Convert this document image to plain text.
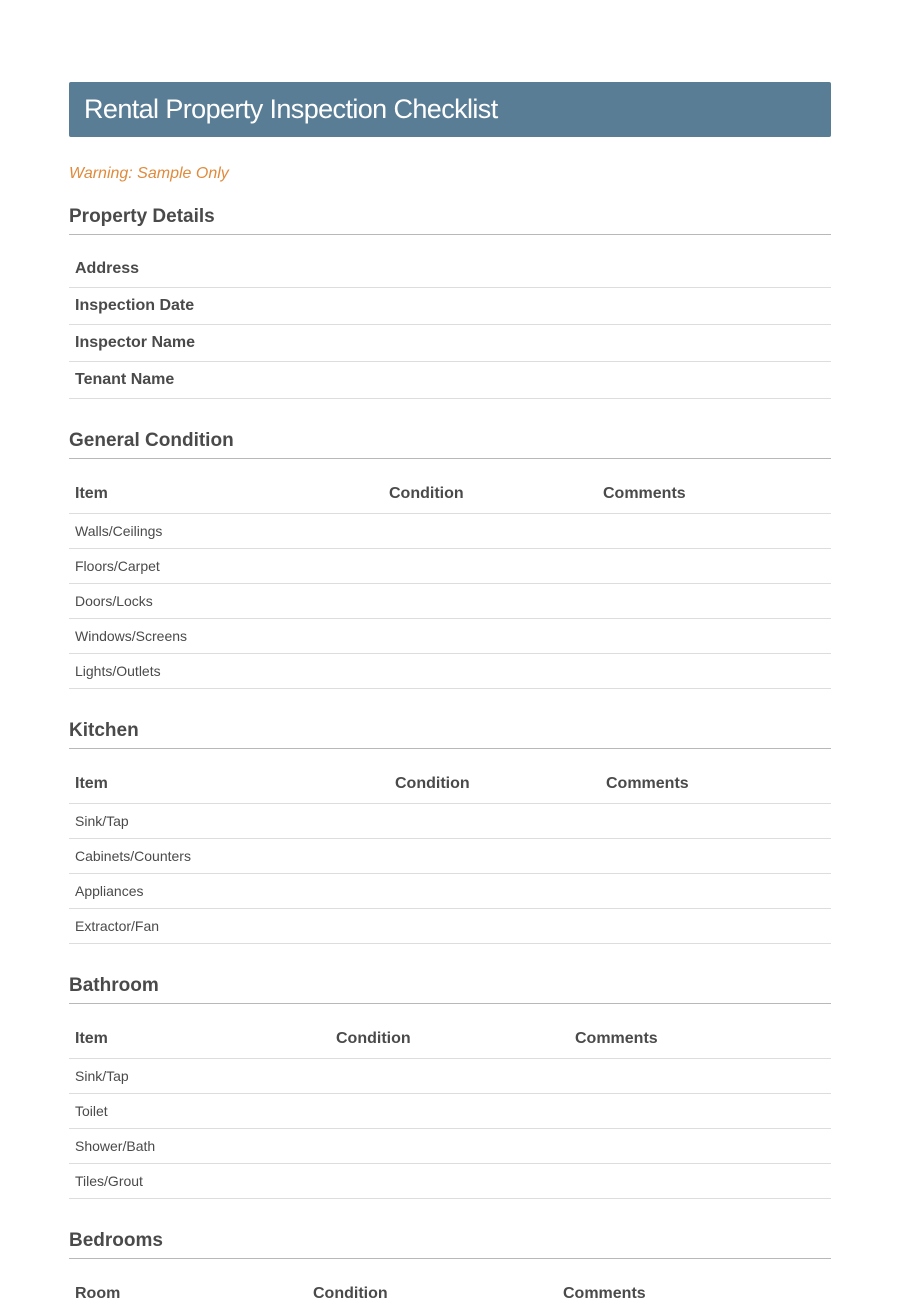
Rental Property Inspection Checklist
Warning: Sample Only
Property Details
Address
Inspection Date
Inspector Name
Tenant Name
General Condition
Item	Condition	Comments
Walls/Ceilings		
Floors/Carpet		
Doors/Locks		
Windows/Screens		
Lights/Outlets		
Kitchen
Item	Condition	Comments
Sink/Tap		
Cabinets/Counters		
Appliances		
Extractor/Fan		
Bathroom
Item	Condition	Comments
Sink/Tap		
Toilet		
Shower/Bath		
Tiles/Grout		
Bedrooms
Room	Condition	Comments
